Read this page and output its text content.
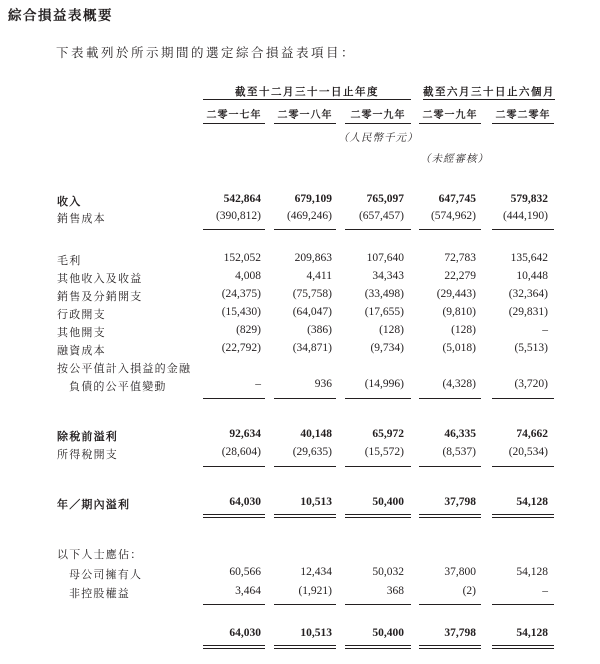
綜合損益表概要
下表載列於所示期間的選定綜合損益表項目：
截至十二月三十一日止年度	截至六月三十日止六個月
二零一七年	二零一八年	二零一九年	二零一九年	二零二零年
（人民幣千元）
（未經審核）
收入	542,864	679,109	765,097	647,745	579,832
銷售成本	(390,812) (469,246) (657,457) (574,962) (444,190)
毛利	152,052	209,863	107,640	72,783	135,642
其他收入及收益	4,008	4,411	34,343	22,279	10,448
銷售及分銷開支	(24,375)	(75,758)	(33,498)	(29,443)	(32,364)
行政開支	(15,430)	(64,047)	(17,655)	(9,810)	(29,831)
其他開支	(829)	(386)	(128)	(128)	–
融資成本	(22,792)	(34,871)	(9,734)	(5,018)	(5,513)
按公平值計入損益的金融
負債的公平值變動	–	936	(14,996)	(4,328)	(3,720)
除稅前溢利	92,634	40,148	65,972	46,335	74,662
所得稅開支	(28,604)	(29,635)	(15,572)	(8,537)	(20,534)
年／期內溢利	64,030	10,513	50,400	37,798	54,128
以下人士應佔：
母公司擁有人	60,566	12,434	50,032	37,800	54,128
非控股權益	3,464	(1,921)	368	(2)	–
64,030	10,513	50,400	37,798	54,128
